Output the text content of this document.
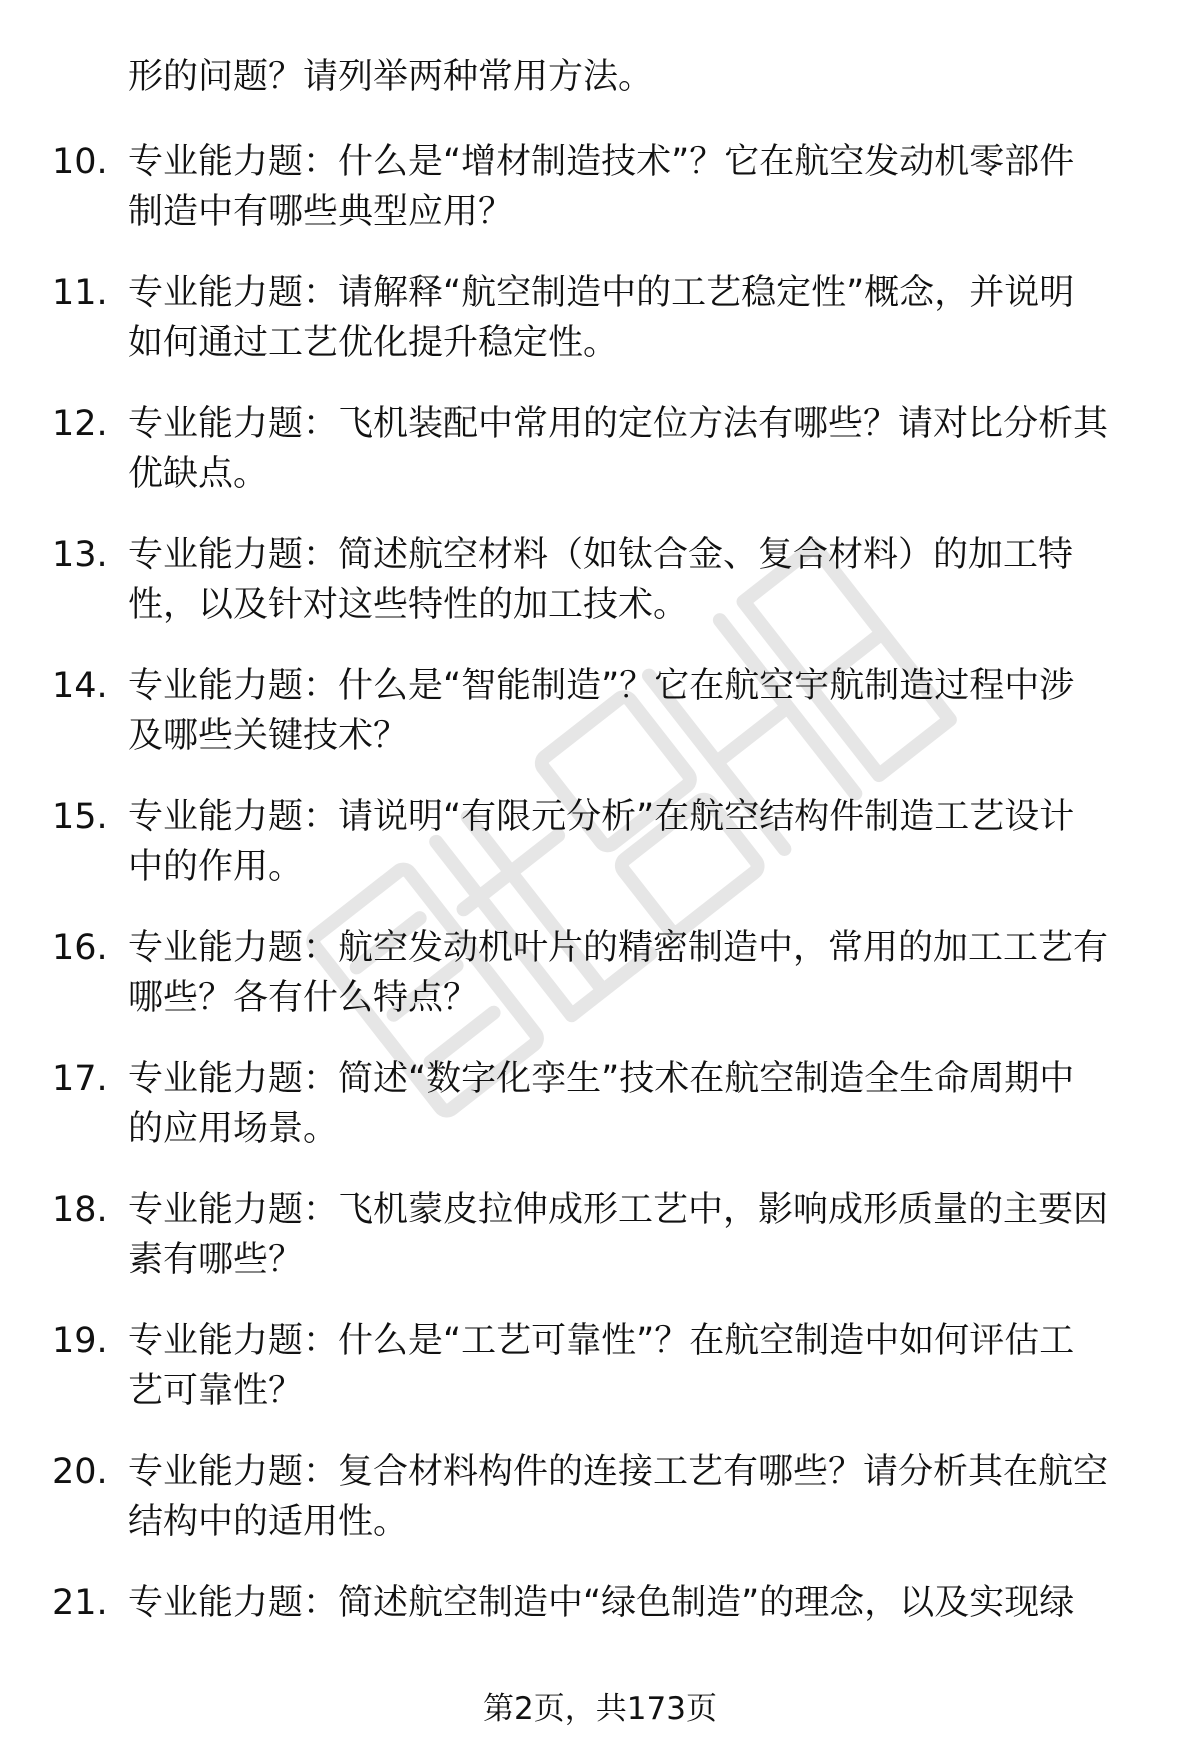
形的问题？请列举两种常用方法。
10. 专业能力题：什么是“增材制造技术”？它在航空发动机零部件
制造中有哪些典型应用？
11. 专业能力题：请解释“航空制造中的工艺稳定性”概念，并说明
如何通过工艺优化提升稳定性。
12. 专业能力题：飞机装配中常用的定位方法有哪些？请对比分析其
优缺点。
13. 专业能力题：简述航空材料（如钛合金、复合材料）的加工特
性，以及针对这些特性的加工技术。
14. 专业能力题：什么是“智能制造”？它在航空宇航制造过程中涉
及哪些关键技术？
15. 专业能力题：请说明“有限元分析”在航空结构件制造工艺设计
中的作用。
16. 专业能力题：航空发动机叶片的精密制造中，常用的加工工艺有
哪些？各有什么特点？
17. 专业能力题：简述“数字化孪生”技术在航空制造全生命周期中
的应用场景。
18. 专业能力题：飞机蒙皮拉伸成形工艺中，影响成形质量的主要因
素有哪些？
19. 专业能力题：什么是“工艺可靠性”？在航空制造中如何评估工
艺可靠性？
20. 专业能力题：复合材料构件的连接工艺有哪些？请分析其在航空
结构中的适用性。
21. 专业能力题：简述航空制造中“绿色制造”的理念，以及实现绿
第2页，共173页
